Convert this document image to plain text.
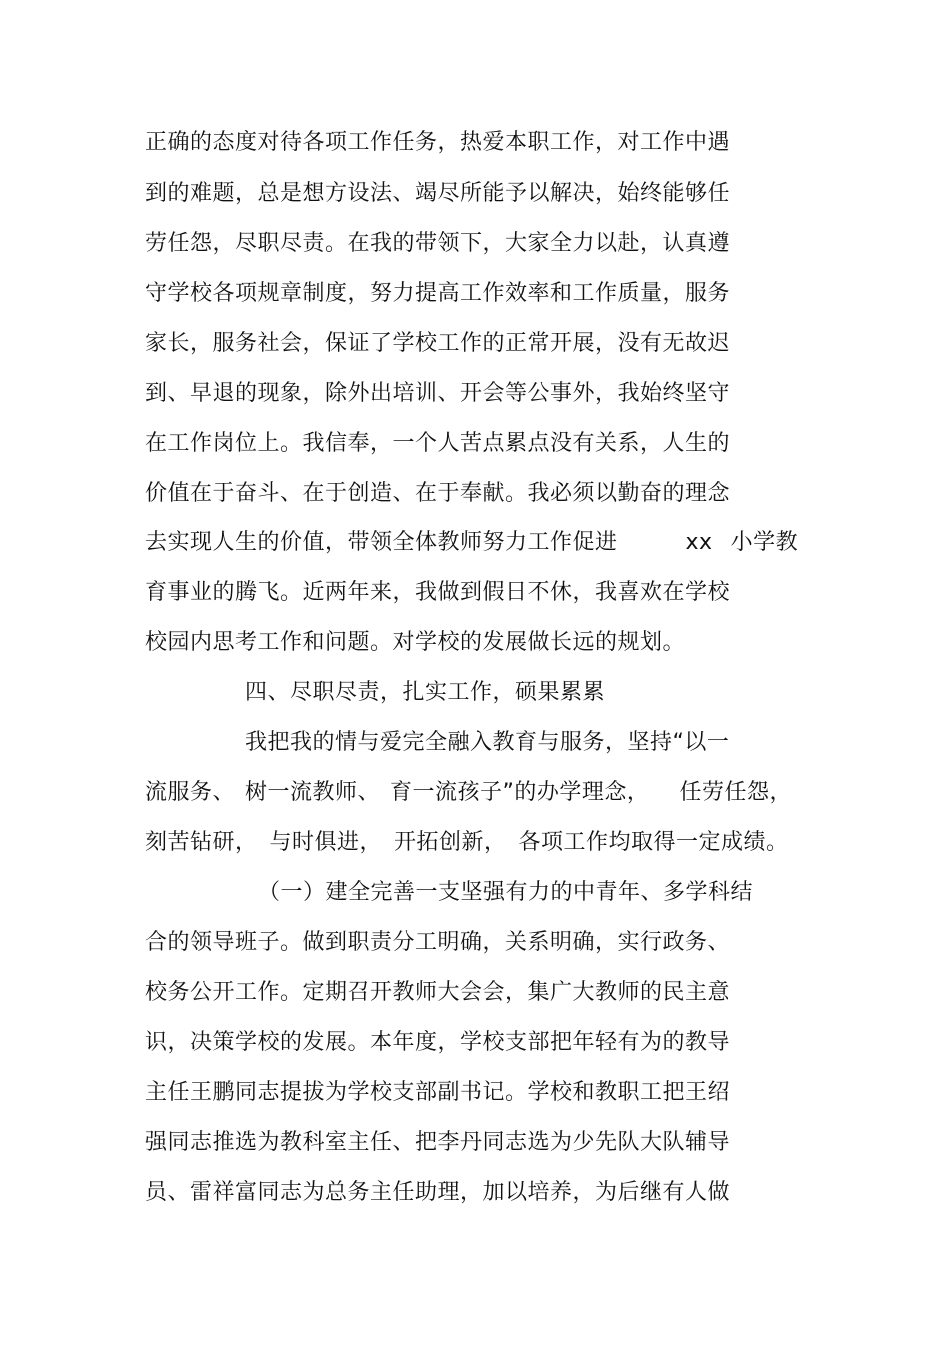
正确的态度对待各项工作任务，热爱本职工作，对工作中遇
到的难题，总是想方设法、竭尽所能予以解决，始终能够任
劳任怨，尽职尽责。在我的带领下，大家全力以赴，认真遵
守学校各项规章制度，努力提高工作效率和工作质量，服务
家长，服务社会，保证了学校工作的正常开展，没有无故迟
到、早退的现象，除外出培训、开会等公事外，我始终坚守
在工作岗位上。我信奉，一个人苦点累点没有关系，人生的
价值在于奋斗、在于创造、在于奉献。我必须以勤奋的理念
去实现人生的价值，带领全体教师努力工作促进	xx 小学教
育事业的腾飞。近两年来，我做到假日不休，我喜欢在学校
校园内思考工作和问题。对学校的发展做长远的规划。
四、尽职尽责，扎实工作，硕果累累
我把我的情与爱完全融入教育与服务，坚持“以一
流服务、 树一流教师、 育一流孩子”的办学理念， 任劳任怨，
刻苦钻研， 与时俱进， 开拓创新， 各项工作均取得一定成绩。
（一）建全完善一支坚强有力的中青年、多学科结
合的领导班子。做到职责分工明确，关系明确，实行政务、
校务公开工作。定期召开教师大会会，集广大教师的民主意
识，决策学校的发展。本年度，学校支部把年轻有为的教导
主任王鹏同志提拔为学校支部副书记。学校和教职工把王绍
强同志推选为教科室主任、把李丹同志选为少先队大队辅导
员、雷祥富同志为总务主任助理，加以培养，为后继有人做
